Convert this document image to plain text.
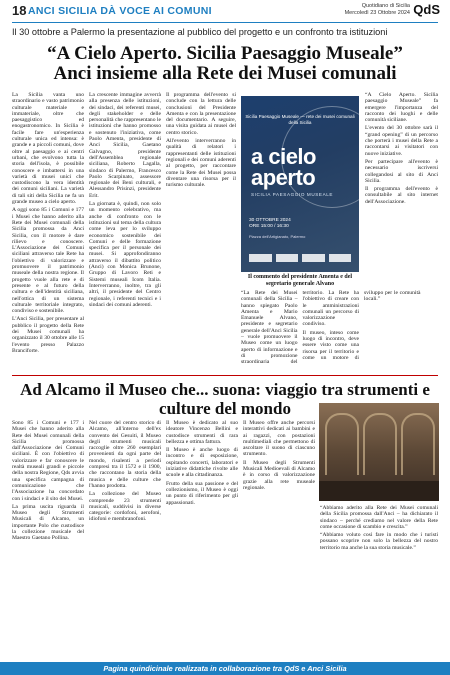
18 ANCI SICILIA DÀ VOCE AI COMUNI	Quotidiano di Sicilia
Mercoledì 23 Ottobre 2024 QdS
Il 30 ottobre a Palermo la presentazione al pubblico del progetto e un confronto tra istituzioni
“A Cielo Aperto. Sicilia Paesaggio Museale”
Anci insieme alla Rete dei Musei comunali

La Sicilia vanta uno straordinario e vasto patrimonio culturale materiale e immateriale, oltre che paesaggistico ed enogastronomico. In Sicilia è facile fare un'esperienza culturale unica ed intensa: è grande e a piccoli comuni, dove oltre al paesaggio e ai centri urbani, che evolvono tutta la storia dell'isola, è possibile conoscere e imbattersi in una varietà di musei unici che custodiscono la vera identità dei comuni siciliani. La varietà di tali siti della Sicilia ne fa un grande museo a cielo aperto.

A oggi sono 85 i Comuni e 177 i Musei che hanno aderito alla Rete dei Musei comunali della Sicilia promossa da Anci Sicilia, con il motore è dare rilievo e conoscere. L'Associazione dei Comuni siciliani attraverso tale Rete ha l'obiettivo di valorizzare e promuovere il patrimonio museale della nostra regione. Il progetto vuole alla rete e di presente e al futuro della cultura e dell'identità siciliana, nell'ottica di un sistema culturale territoriale integrato, condiviso e sostenibile.

L'Anci Sicilia, per presentare al pubblico il progetto della Rete dei Musei comunali ha organizzato il 30 ottobre alle 15 l'evento presso Palazzo Branciforte.

La crescente immagine avverrà alla presenza delle istituzioni, dei sindaci, dei referenti musei, degli stakeholder e delle personalità che rappresentano le istituzioni che hanno promosso e sostenuto l'iniziativa, come Paolo Amenta, presidente di Anci Sicilia, Gaetano Galvagno, presidente dell'Assemblea regionale siciliana, Roberto Lagalla, sindaco di Palermo, Francesco Paolo Scarpinato, assessore regionale dei Beni culturali, e Alessandro Prisinzi, presidente Erit.

La giornata è, quindi, non solo un momento celebrativo, ma anche di confronto con le istituzioni sul tema della cultura come leva per lo sviluppo economico sostenibile dei Comuni e delle formazione specifica per il personale dei musei. Si approfondiranno attraverso il dibattito politico (Anci) con Monica Brunone, Gruppo di Lavoro Reti e Sistemi museali Icom Italia. Interverranno, inoltre, tra gli altri, il presidente del Centro regionale, i referenti tecnici e i sindaci dei comuni aderenti.

Il programma dell'evento si conclude con la lettura delle conclusioni del Presidente Amenta e con la presentazione del documentario. A seguire, una visita guidata ai musei del centro storico.

All'evento interverranno in qualità di relatori i rappresentanti delle istituzioni regionali e dei comuni aderenti al progetto, per raccontare come la Rete dei Musei possa diventare una risorsa per il turismo culturale.

Sicilia Paesaggio Museale — rete dei musei comunali della Sicilia
a cielo
aperto
SICILIA PAESAGGIO MUSEALE
30 OTTOBRE 2024
ORE 15:00 / 16:30
Piazza dell'Artigianato, Palermo
Il commento del presidente Amenta e del segretario generale Alvano

“La Rete dei Musei comunali della Sicilia – hanno spiegato Paolo Amenta e Mario Emanuele Alvano, presidente e segretario generale dell'Anci Sicilia – vuole promuovere il Museo come un luogo aperto di informazione e di promozione straordinaria del territorio. La Rete ha l'obiettivo di creare con le amministrazioni comunali un percorso di valorizzazione condiviso.

Il museo, inteso come luogo di incontro, deve essere visto come una risorsa per il territorio e come un motore di sviluppo per le comunità locali.”

“A Cielo Aperto. Sicilia paesaggio Museale” fa emergere l'importanza del racconto dei luoghi e delle comunità siciliane.

L'evento del 30 ottobre sarà il “grand opening” di un percorso che porterà i musei della Rete a raccontarsi ai visitatori con nuove iniziative.

Per partecipare all'evento è necessario iscriversi collegandosi al sito di Anci Sicilia.

Il programma dell'evento è consultabile al sito internet dell'Associazione.

Ad Alcamo il Museo che... suona: viaggio tra strumenti e culture del mondo

Sono 85 i Comuni e 177 i Musei che hanno aderito alla Rete dei Musei comunali della Sicilia promossa dall'Associazione dei Comuni siciliani. È con l'obiettivo di valorizzare e far conoscere le realtà museali grandi e piccole della nostra Regione, Qds avvia una specifica campagna di comunicazione che l'Associazione ha concordato con i sindaci e il sito dei Musei.

La prima uscita riguarda il Museo degli Strumenti Musicali di Alcamo, un importante Polo che custodisce la collezione musicale del Maestro Gaetano Pollina.

Nel cuore del centro storico di Alcamo, all'interno dell'ex convento dei Gesuiti, il Museo degli strumenti musicali raccoglie oltre 260 esemplari provenienti da ogni parte del mondo, risalenti a periodi compresi tra il 1572 e il 1900, che raccontano la storia della musica e delle culture che l'hanno prodotta.

La collezione del Museo comprende 23 strumenti musicali, suddivisi in diverse categorie: cordofoni, aerofoni, idiofoni e membranofoni.

Il Museo è dedicato al suo ideatore Vincenzo Bellini e custodisce strumenti di rara bellezza e ottima fattura.

Il Museo è anche luogo di incontro e di esposizione, ospitando concerti, laboratori e iniziative didattiche rivolte alle scuole e alla cittadinanza.

Frutto della sua passione e del collezionismo, il Museo è oggi un punto di riferimento per gli appassionati.

Il Museo offre anche percorsi interattivi dedicati ai bambini e ai ragazzi, con postazioni multimediali che permettono di ascoltare il suono di ciascuno strumento.

Il Museo degli Strumenti Musicali Medioevali di Alcamo è in corso di valorizzazione grazie alla rete museale regionale.

“Abbiamo aderito alla Rete dei Musei comunali della Sicilia promossa dall'Anci – ha dichiarato il sindaco – perché crediamo nel valore della Rete come occasione di scambio e crescita.”

“Abbiamo voluto così fare in modo che i turisti possano scoprire non solo la bellezza del nostro territorio ma anche la sua storia musicale.”

Pagina quindicinale realizzata in collaborazione tra QdS e Anci Sicilia
